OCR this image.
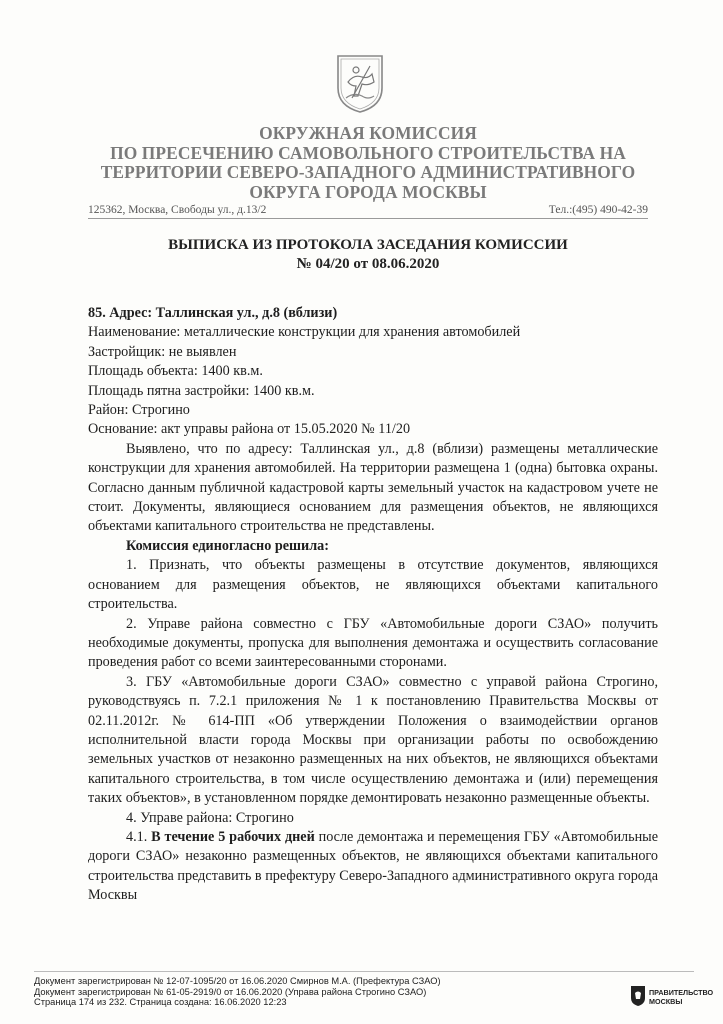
ОКРУЖНАЯ КОМИССИЯ
ПО ПРЕСЕЧЕНИЮ САМОВОЛЬНОГО СТРОИТЕЛЬСТВА НА
ТЕРРИТОРИИ СЕВЕРО-ЗАПАДНОГО АДМИНИСТРАТИВНОГО
ОКРУГА ГОРОДА МОСКВЫ
125362, Москва, Свободы ул., д.13/2	Тел.:(495) 490-42-39

ВЫПИСКА ИЗ ПРОТОКОЛА ЗАСЕДАНИЯ КОМИССИИ
№ 04/20 от 08.06.2020

85. Адрес: Таллинская ул., д.8 (вблизи)

Наименование: металлические конструкции для хранения автомобилей

Застройщик: не выявлен

Площадь объекта: 1400 кв.м.

Площадь пятна застройки: 1400 кв.м.

Район: Строгино

Основание: акт управы района от 15.05.2020 № 11/20

Выявлено, что по адресу: Таллинская ул., д.8 (вблизи) размещены металлические конструкции для хранения автомобилей. На территории размещена 1 (одна) бытовка охраны. Согласно данным публичной кадастровой карты земельный участок на кадастровом учете не стоит. Документы, являющиеся основанием для размещения объектов, не являющихся объектами капитального строительства не представлены.

Комиссия единогласно решила:

1. Признать, что объекты размещены в отсутствие документов, являющихся основанием для размещения объектов, не являющихся объектами капитального строительства.

2. Управе района совместно с ГБУ «Автомобильные дороги СЗАО» получить необходимые документы, пропуска для выполнения демонтажа и осуществить согласование проведения работ со всеми заинтересованными сторонами.

3. ГБУ «Автомобильные дороги СЗАО» совместно с управой района Строгино, руководствуясь п. 7.2.1 приложения № 1 к постановлению Правительства Москвы от 02.11.2012г. № 614-ПП «Об утверждении Положения о взаимодействии органов исполнительной власти города Москвы при организации работы по освобождению земельных участков от незаконно размещенных на них объектов, не являющихся объектами капитального строительства, в том числе осуществлению демонтажа и (или) перемещения таких объектов», в установленном порядке демонтировать незаконно размещенные объекты.

4. Управе района: Строгино

4.1. В течение 5 рабочих дней после демонтажа и перемещения ГБУ «Автомобильные дороги СЗАО» незаконно размещенных объектов, не являющихся объектами капитального строительства представить в префектуру Северо-Западного административного округа города Москвы

Документ зарегистрирован № 12-07-1095/20 от 16.06.2020 Смирнов М.А. (Префектура СЗАО)
Документ зарегистрирован № 61-05-2919/0 от 16.06.2020 (Управа района Строгино СЗАО)
Страница 174 из 232. Страница создана: 16.06.2020 12:23
ПРАВИТЕЛЬСТВО
МОСКВЫ
